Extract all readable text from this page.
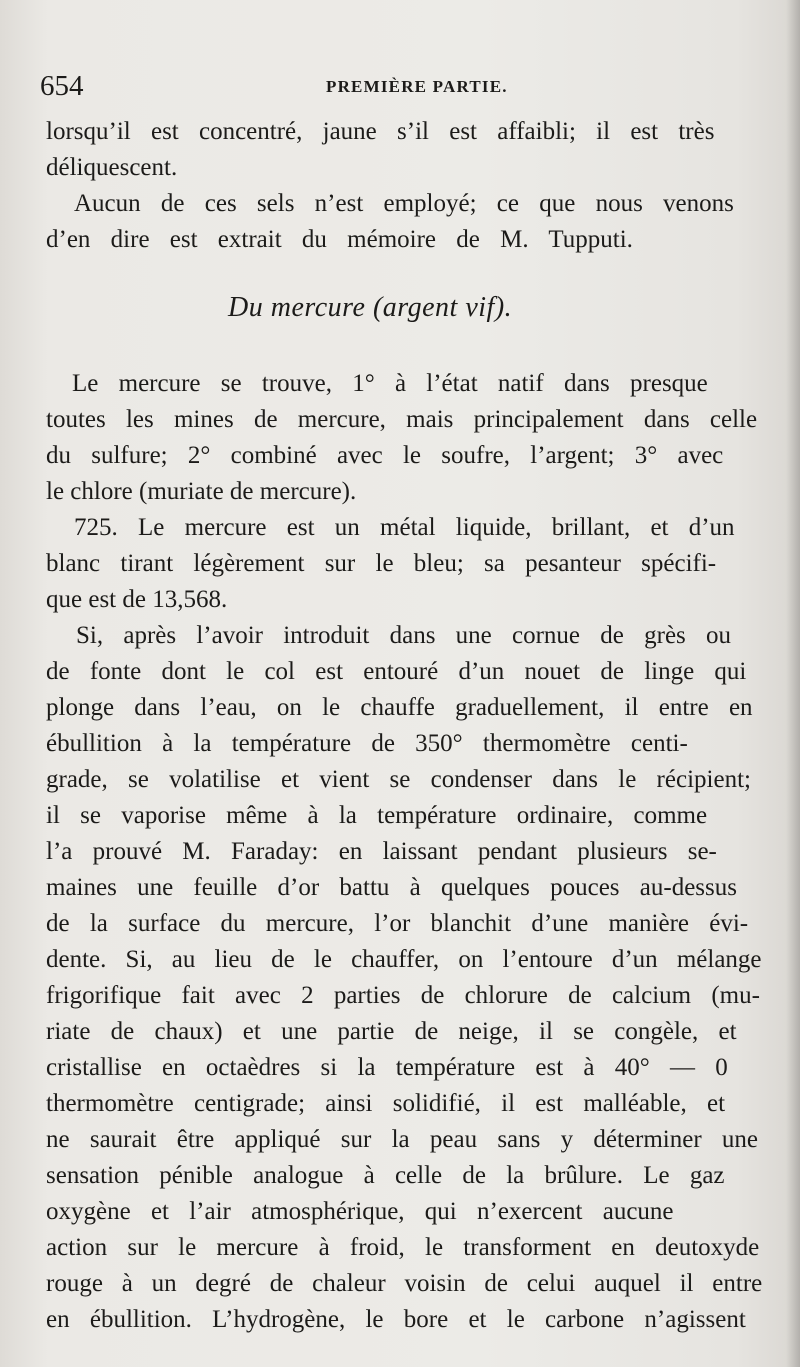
654	PREMIÈRE PARTIE.
Du mercure (argent vif).
lorsqu’il est concentré, jaune s’il est affaibli; il est très
déliquescent.
Aucun de ces sels n’est employé; ce que nous venons
d’en dire est extrait du mémoire de M. Tupputi.
Le mercure se trouve, 1° à l’état natif dans presque
toutes les mines de mercure, mais principalement dans celle
du sulfure; 2° combiné avec le soufre, l’argent; 3° avec
le chlore (muriate de mercure).
725. Le mercure est un métal liquide, brillant, et d’un
blanc tirant légèrement sur le bleu; sa pesanteur spécifi-
que est de 13,568.
Si, après l’avoir introduit dans une cornue de grès ou
de fonte dont le col est entouré d’un nouet de linge qui
plonge dans l’eau, on le chauffe graduellement, il entre en
ébullition à la température de 350° thermomètre centi-
grade, se volatilise et vient se condenser dans le récipient;
il se vaporise même à la température ordinaire, comme
l’a prouvé M. Faraday: en laissant pendant plusieurs se-
maines une feuille d’or battu à quelques pouces au-dessus
de la surface du mercure, l’or blanchit d’une manière évi-
dente. Si, au lieu de le chauffer, on l’entoure d’un mélange
frigorifique fait avec 2 parties de chlorure de calcium (mu-
riate de chaux) et une partie de neige, il se congèle, et
cristallise en octaèdres si la température est à 40° — 0
thermomètre centigrade; ainsi solidifié, il est malléable, et
ne saurait être appliqué sur la peau sans y déterminer une
sensation pénible analogue à celle de la brûlure. Le gaz
oxygène et l’air atmosphérique, qui n’exercent aucune
action sur le mercure à froid, le transforment en deutoxyde
rouge à un degré de chaleur voisin de celui auquel il entre
en ébullition. L’hydrogène, le bore et le carbone n’agissent
